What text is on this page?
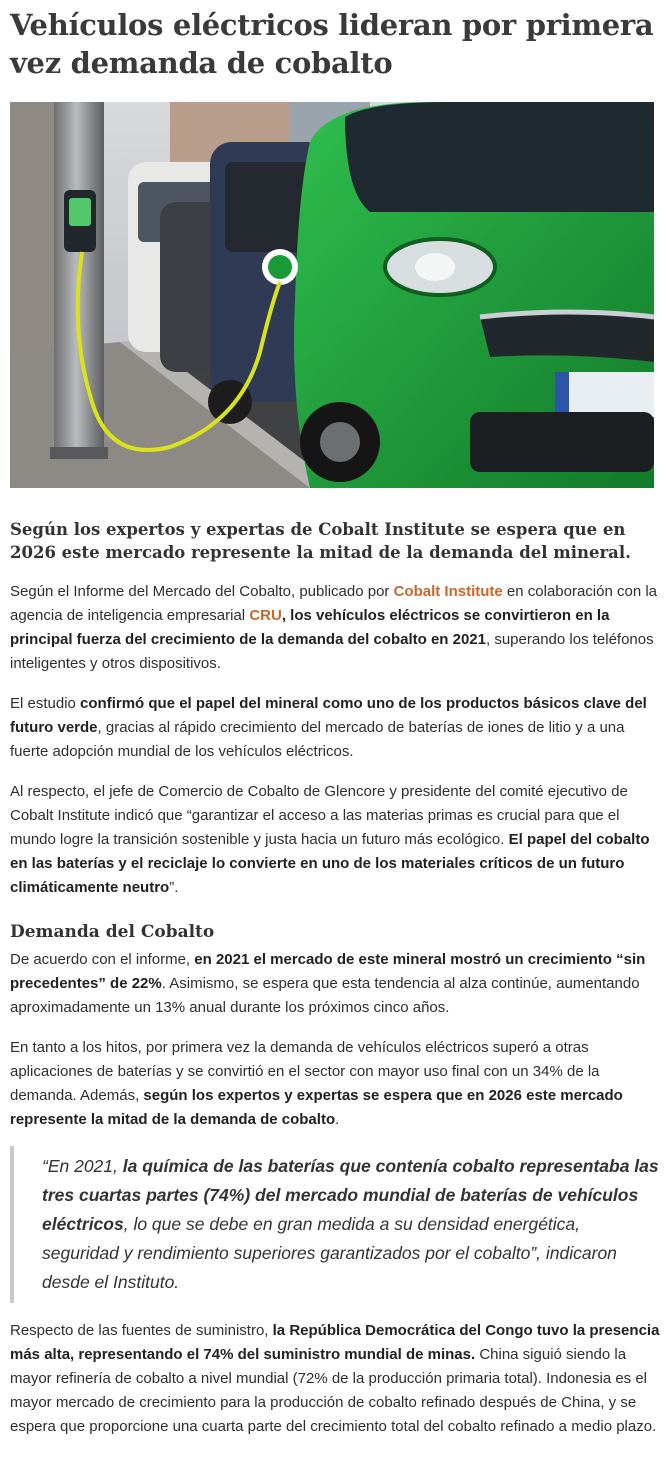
Vehículos eléctricos lideran por primera vez demanda de cobalto
Según los expertos y expertas de Cobalt Institute se espera que en 2026 este mercado represente la mitad de la demanda del mineral.

Según el Informe del Mercado del Cobalto, publicado por Cobalt Institute en colaboración con la agencia de inteligencia empresarial CRU, los vehículos eléctricos se convirtieron en la principal fuerza del crecimiento de la demanda del cobalto en 2021, superando los teléfonos inteligentes y otros dispositivos.

El estudio confirmó que el papel del mineral como uno de los productos básicos clave del futuro verde, gracias al rápido crecimiento del mercado de baterías de iones de litio y a una fuerte adopción mundial de los vehículos eléctricos.

Al respecto, el jefe de Comercio de Cobalto de Glencore y presidente del comité ejecutivo de Cobalt Institute indicó que “garantizar el acceso a las materias primas es crucial para que el mundo logre la transición sostenible y justa hacia un futuro más ecológico. El papel del cobalto en las baterías y el reciclaje lo convierte en uno de los materiales críticos de un futuro climáticamente neutro”.

Demanda del Cobalto

De acuerdo con el informe, en 2021 el mercado de este mineral mostró un crecimiento “sin precedentes” de 22%. Asimismo, se espera que esta tendencia al alza continúe, aumentando aproximadamente un 13% anual durante los próximos cinco años.

En tanto a los hitos, por primera vez la demanda de vehículos eléctricos superó a otras aplicaciones de baterías y se convirtió en el sector con mayor uso final con un 34% de la demanda. Además, según los expertos y expertas se espera que en 2026 este mercado represente la mitad de la demanda de cobalto.

“En 2021, la química de las baterías que contenía cobalto representaba las tres cuartas partes (74%) del mercado mundial de baterías de vehículos eléctricos, lo que se debe en gran medida a su densidad energética, seguridad y rendimiento superiores garantizados por el cobalto”, indicaron desde el Instituto.

Respecto de las fuentes de suministro, la República Democrática del Congo tuvo la presencia más alta, representando el 74% del suministro mundial de minas. China siguió siendo la mayor refinería de cobalto a nivel mundial (72% de la producción primaria total). Indonesia es el mayor mercado de crecimiento para la producción de cobalto refinado después de China, y se espera que proporcione una cuarta parte del crecimiento total del cobalto refinado a medio plazo.
